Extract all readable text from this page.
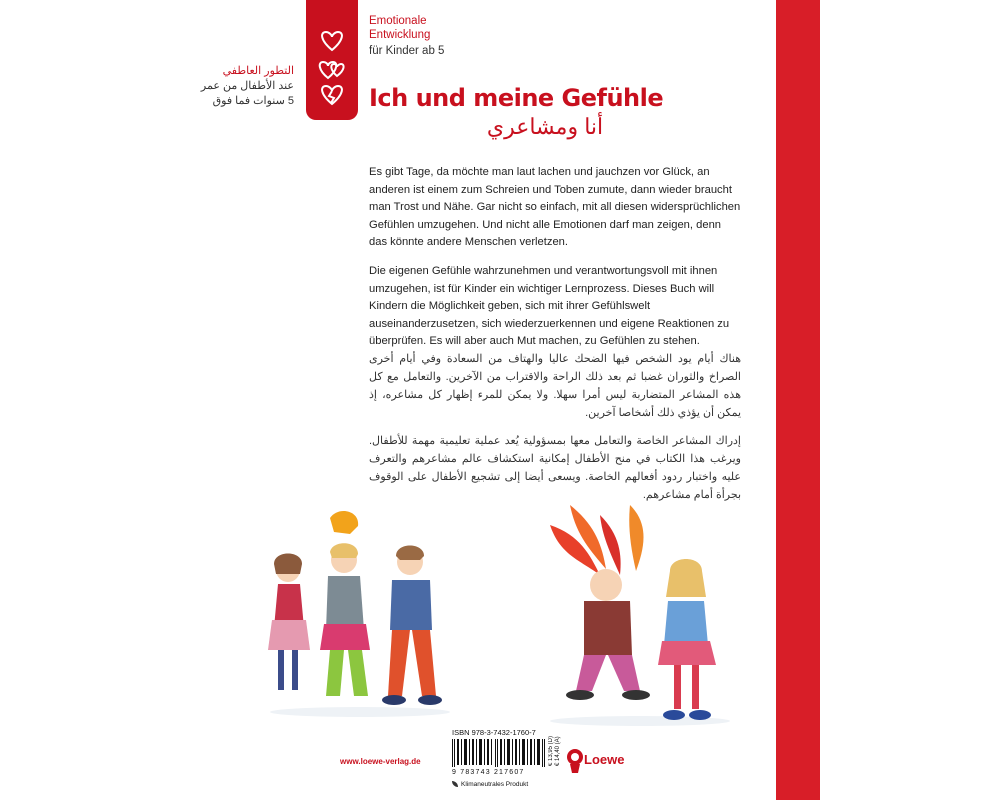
Emotionale
Entwicklung
für Kinder ab 5
التطور العاطفي
عند الأطفال من عمر
5 سنوات فما فوق	Ich und meine Gefühle
أنا ومشاعري

Es gibt Tage, da möchte man laut lachen und jauchzen vor Glück, an anderen ist einem zum Schreien und Toben zumute, dann wieder braucht man Trost und Nähe. Gar nicht so einfach, mit all diesen widersprüchlichen Gefühlen umzugehen. Und nicht alle Emotionen darf man zeigen, denn das könnte andere Menschen verletzen.

Die eigenen Gefühle wahrzunehmen und verantwortungsvoll mit ihnen umzugehen, ist für Kinder ein wichtiger Lernprozess. Dieses Buch will Kindern die Möglichkeit geben, sich mit ihrer Gefühlswelt auseinanderzusetzen, sich wiederzuerkennen und eigene Reaktionen zu überprüfen. Es will aber auch Mut machen, zu Gefühlen zu stehen.

هناك أيام يود الشخص فيها الضحك عاليا والهتاف من السعادة وفي أيام أخرى الصراخ والثوران غضبا ثم بعد ذلك الراحة والاقتراب من الآخرين. والتعامل مع كل هذه المشاعر المتضاربة ليس أمرا سهلا. ولا يمكن للمرء إظهار كل مشاعره، إذ يمكن أن يؤذي ذلك أشخاصا آخرين.

إدراك المشاعر الخاصة والتعامل معها بمسؤولية يُعد عملية تعليمية مهمة للأطفال. ويرغب هذا الكتاب في منح الأطفال إمكانية استكشاف عالم مشاعرهم والتعرف عليه واختبار ردود أفعالهم الخاصة. ويسعى أيضا إلى تشجيع الأطفال على الوقوف بجرأة أمام مشاعرهم.

www.loewe-verlag.de
ISBN 978-3-7432-1760-7
9 783743 217607
€ 13,95 (D)
€ 14,40 (A)
Klimaneutrales Produkt
Loewe
